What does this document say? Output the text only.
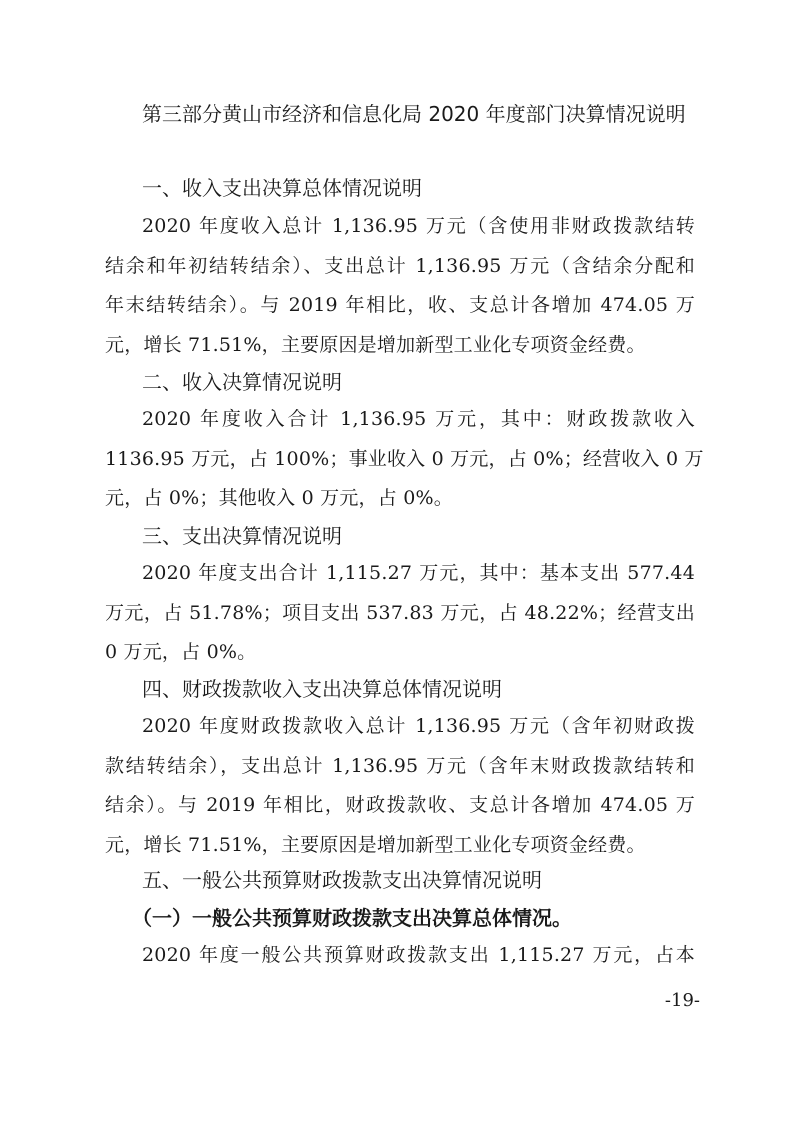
第三部分黄山市经济和信息化局 2020 年度部门决算情况说明
一、收入支出决算总体情况说明
2020 年度收入总计 1,136.95 万元（含使用非财政拨款结转
结余和年初结转结余）、支出总计 1,136.95 万元（含结余分配和
年末结转结余）。与 2019 年相比，收、支总计各增加 474.05 万
元，增长 71.51%，主要原因是增加新型工业化专项资金经费。
二、收入决算情况说明
2020 年度收入合计 1,136.95 万元，其中：财政拨款收入
1136.95 万元，占 100%；事业收入 0 万元，占 0%；经营收入 0 万
元，占 0%；其他收入 0 万元，占 0%。
三、支出决算情况说明
2020 年度支出合计 1,115.27 万元，其中：基本支出 577.44
万元，占 51.78%；项目支出 537.83 万元，占 48.22%；经营支出
0 万元，占 0%。
四、财政拨款收入支出决算总体情况说明
2020 年度财政拨款收入总计 1,136.95 万元（含年初财政拨
款结转结余），支出总计 1,136.95 万元（含年末财政拨款结转和
结余）。与 2019 年相比，财政拨款收、支总计各增加 474.05 万
元，增长 71.51%，主要原因是增加新型工业化专项资金经费。
五、一般公共预算财政拨款支出决算情况说明
（一）一般公共预算财政拨款支出决算总体情况。
2020 年度一般公共预算财政拨款支出 1,115.27 万元，占本
-19-
